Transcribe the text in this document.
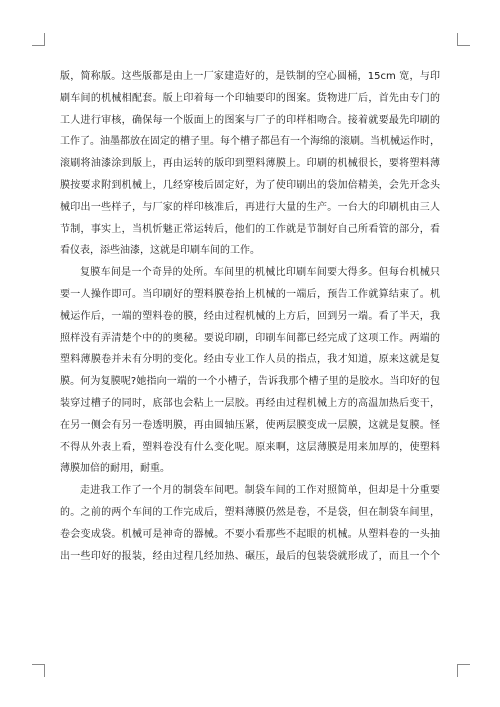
版，简称版。这些版都是由上一厂家建造好的，是铁制的空心圆桶，15cm 宽，与印
刷车间的机械相配套。版上印着每一个印轴要印的图案。货物进厂后，首先由专门的
工人进行审核，确保每一个版面上的图案与厂子的印样相吻合。接着就要最先印刷的
工作了。油墨都放在固定的槽子里。每个槽子都邑有一个海绵的滚刷。当机械运作时，
滚刷将油漆涂到版上，再由运转的版印到塑料薄膜上。印刷的机械很长，要将塑料薄
膜按要求附到机械上，几经穿梭后固定好，为了使印刷出的袋加倍精美，会先开念头
械印出一些样子，与厂家的样印核准后，再进行大量的生产。一台大的印刷机由三人
节制，事实上，当机忻魅正常运转后，他们的工作就是节制好自己所看管的部分，看
看仪表，添些油漆，这就是印刷车间的工作。

复膜车间是一个奇异的处所。车间里的机械比印刷车间要大得多。但每台机械只
要一人操作即可。当印刷好的塑料膜卷抬上机械的一端后，预告工作就算结束了。机
械运作后，一端的塑料卷的膜，经由过程机械的上方后，回到另一端。看了半天，我
照样没有弄清楚个中的的奥秘。要说印刷，印刷车间都已经完成了这项工作。两端的
塑料薄膜卷并未有分明的变化。经由专业工作人员的指点，我才知道，原来这就是复
膜。何为复膜呢?她指向一端的一个小槽子，告诉我那个槽子里的是胶水。当印好的包
装穿过槽子的同时，底部也会粘上一层胶。再经由过程机械上方的高温加热后变干，
在另一侧会有另一卷透明膜，再由圆轴压紧，使两层膜变成一层膜，这就是复膜。怪
不得从外表上看，塑料卷没有什么变化呢。原来啊，这层薄膜是用来加厚的，使塑料
薄膜加倍的耐用，耐重。

走进我工作了一个月的制袋车间吧。制袋车间的工作对照简单，但却是十分重要
的。之前的两个车间的工作完成后，塑料薄膜仍然是卷，不是袋，但在制袋车间里，
卷会变成袋。机械可是神奇的器械。不要小看那些不起眼的机械。从塑料卷的一头抽
出一些印好的报装，经由过程几经加热、碾压，最后的包装袋就形成了，而且一个个
